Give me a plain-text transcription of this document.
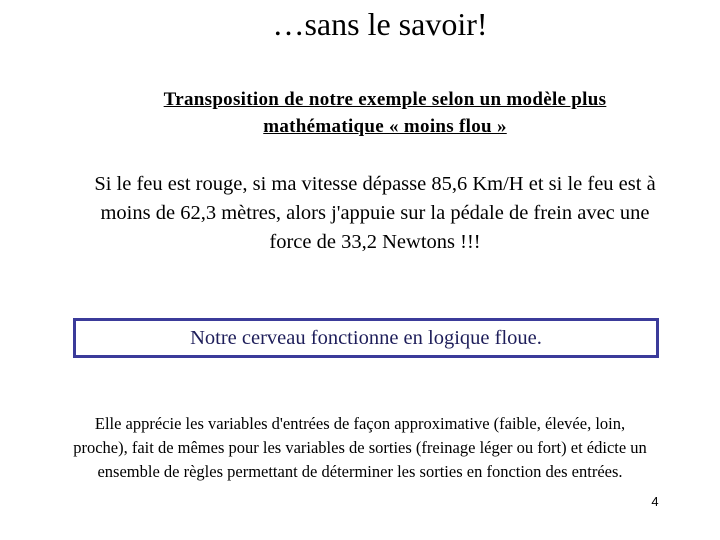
…sans le savoir!
Transposition de notre exemple selon un modèle plus
mathématique « moins flou »
Si le feu est rouge, si ma vitesse dépasse 85,6 Km/H et si le feu est à
moins de 62,3 mètres, alors j'appuie sur la pédale de frein avec une
force de 33,2 Newtons !!!
Notre cerveau fonctionne en logique floue.
Elle apprécie les variables d'entrées de façon approximative (faible, élevée, loin,
proche), fait de mêmes pour les variables de sorties (freinage léger ou fort) et édicte un
ensemble de règles permettant de déterminer les sorties en fonction des entrées.
4
